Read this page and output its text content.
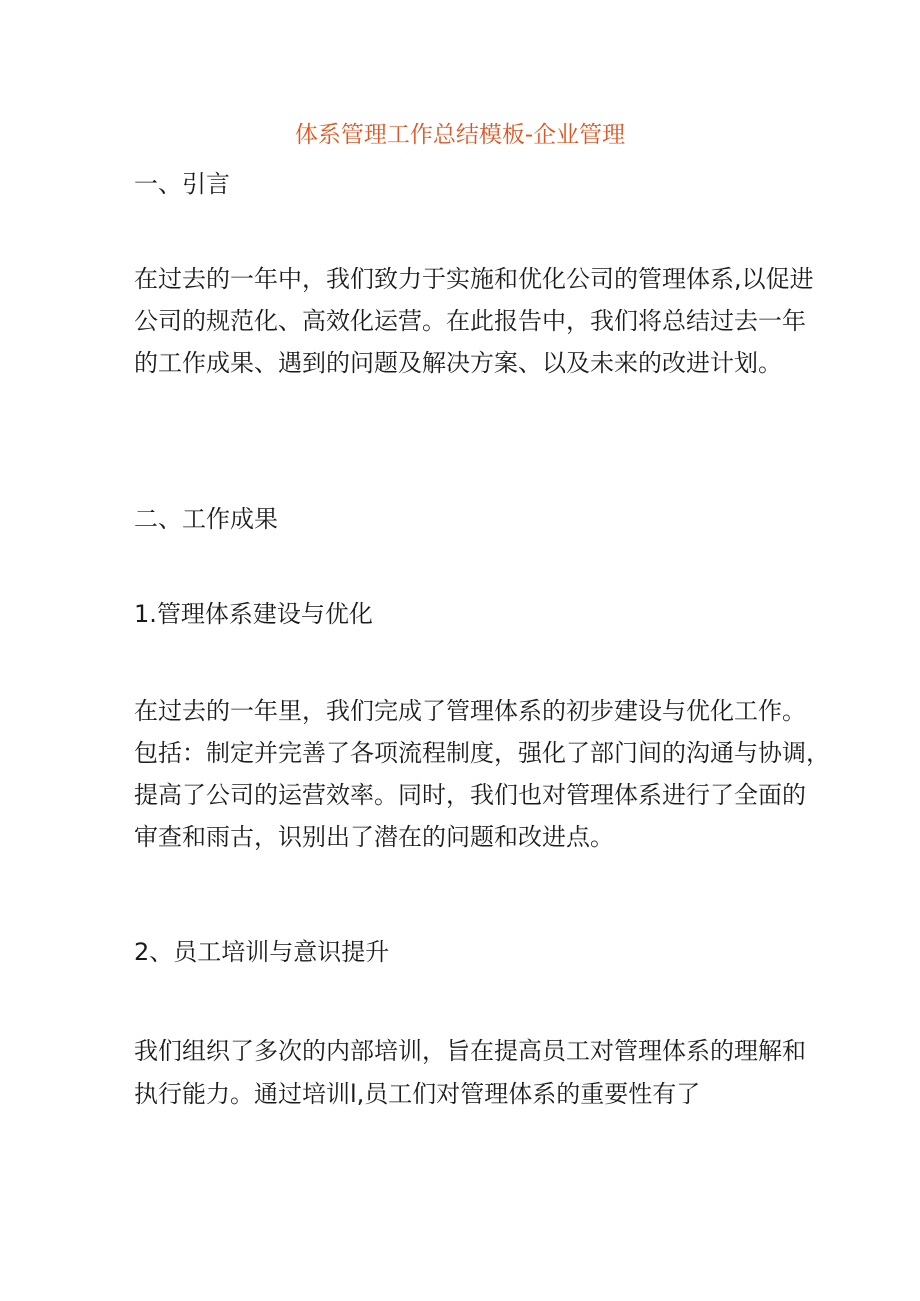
体系管理工作总结模板-企业管理
一、引言
在过去的一年中，我们致力于实施和优化公司的管理体系,以促进
公司的规范化、高效化运营。在此报告中，我们将总结过去一年
的工作成果、遇到的问题及解决方案、以及未来的改进计划。
二、工作成果
1.管理体系建设与优化
在过去的一年里，我们完成了管理体系的初步建设与优化工作。
包括：制定并完善了各项流程制度，强化了部门间的沟通与协调，
提高了公司的运营效率。同时，我们也对管理体系进行了全面的
审查和雨古，识别出了潜在的问题和改进点。
2、员工培训与意识提升
我们组织了多次的内部培训，旨在提高员工对管理体系的理解和
执行能力。通过培训l,员工们对管理体系的重要性有了
